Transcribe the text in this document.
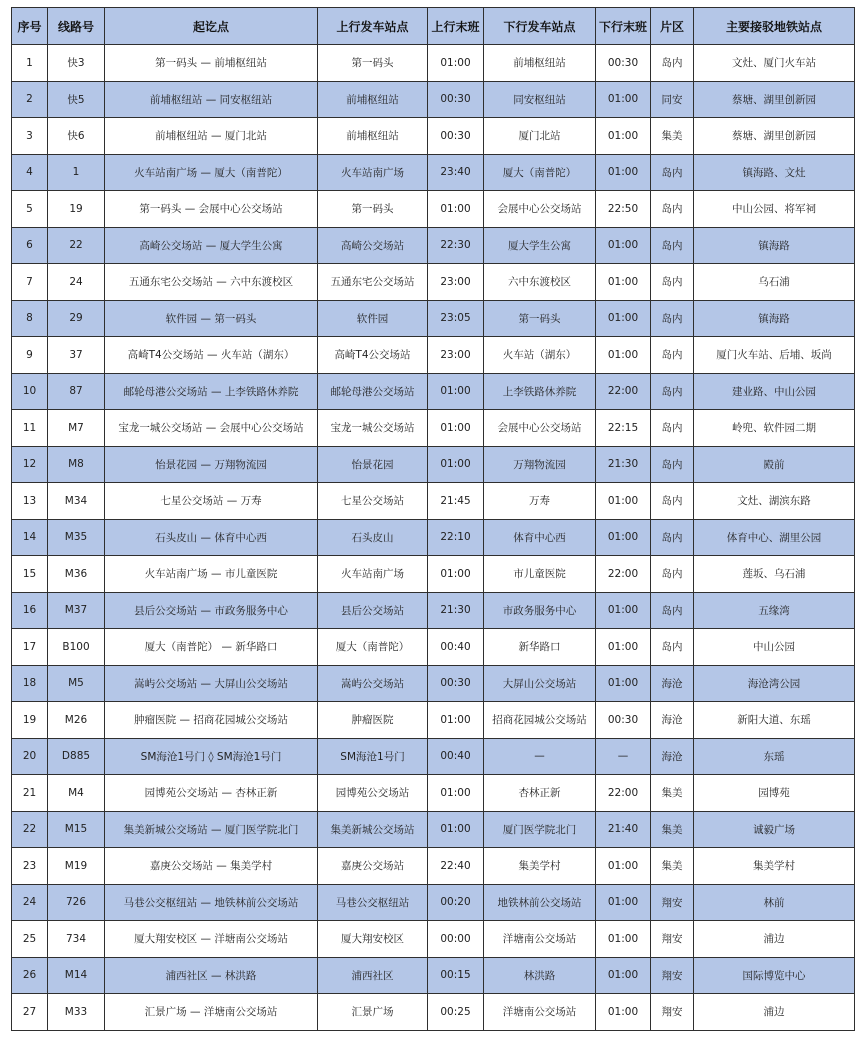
序号	线路号	起讫点	上行发车站点	上行末班	下行发车站点	下行末班	片区	主要接驳地铁站点
1	快3	第一码头 — 前埔枢纽站	第一码头	01:00	前埔枢纽站	00:30	岛内	文灶、厦门火车站
2	快5	前埔枢纽站 — 同安枢纽站	前埔枢纽站	00:30	同安枢纽站	01:00	同安	蔡塘、湖里创新园
3	快6	前埔枢纽站 — 厦门北站	前埔枢纽站	00:30	厦门北站	01:00	集美	蔡塘、湖里创新园
4	1	火车站南广场 — 厦大（南普陀）	火车站南广场	23:40	厦大（南普陀）	01:00	岛内	镇海路、文灶
5	19	第一码头 — 会展中心公交场站	第一码头	01:00	会展中心公交场站	22:50	岛内	中山公园、将军祠
6	22	高崎公交场站 — 厦大学生公寓	高崎公交场站	22:30	厦大学生公寓	01:00	岛内	镇海路
7	24	五通东宅公交场站 — 六中东渡校区	五通东宅公交场站	23:00	六中东渡校区	01:00	岛内	乌石浦
8	29	软件园 — 第一码头	软件园	23:05	第一码头	01:00	岛内	镇海路
9	37	高崎T4公交场站 — 火车站（湖东）	高崎T4公交场站	23:00	火车站（湖东）	01:00	岛内	厦门火车站、后埔、坂尚
10	87	邮轮母港公交场站 — 上李铁路休养院	邮轮母港公交场站	01:00	上李铁路休养院	22:00	岛内	建业路、中山公园
11	M7	宝龙一城公交场站 — 会展中心公交场站	宝龙一城公交场站	01:00	会展中心公交场站	22:15	岛内	岭兜、软件园二期
12	M8	怡景花园 — 万翔物流园	怡景花园	01:00	万翔物流园	21:30	岛内	殿前
13	M34	七星公交场站 — 万寿	七星公交场站	21:45	万寿	01:00	岛内	文灶、湖滨东路
14	M35	石头皮山 — 体育中心西	石头皮山	22:10	体育中心西	01:00	岛内	体育中心、湖里公园
15	M36	火车站南广场 — 市儿童医院	火车站南广场	01:00	市儿童医院	22:00	岛内	莲坂、乌石浦
16	M37	县后公交场站 — 市政务服务中心	县后公交场站	21:30	市政务服务中心	01:00	岛内	五缘湾
17	B100	厦大（南普陀） — 新华路口	厦大（南普陀）	00:40	新华路口	01:00	岛内	中山公园
18	M5	嵩屿公交场站 — 大屏山公交场站	嵩屿公交场站	00:30	大屏山公交场站	01:00	海沧	海沧湾公园
19	M26	肿瘤医院 — 招商花园城公交场站	肿瘤医院	01:00	招商花园城公交场站	00:30	海沧	新阳大道、东瑶
20	D885	SM海沧1号门 ◊ SM海沧1号门	SM海沧1号门	00:40	—	—	海沧	东瑶
21	M4	园博苑公交场站 — 杏林正新	园博苑公交场站	01:00	杏林正新	22:00	集美	园博苑
22	M15	集美新城公交场站 — 厦门医学院北门	集美新城公交场站	01:00	厦门医学院北门	21:40	集美	诚毅广场
23	M19	嘉庚公交场站 — 集美学村	嘉庚公交场站	22:40	集美学村	01:00	集美	集美学村
24	726	马巷公交枢纽站 — 地铁林前公交场站	马巷公交枢纽站	00:20	地铁林前公交场站	01:00	翔安	林前
25	734	厦大翔安校区 — 洋塘南公交场站	厦大翔安校区	00:00	洋塘南公交场站	01:00	翔安	浦边
26	M14	浦西社区 — 林洪路	浦西社区	00:15	林洪路	01:00	翔安	国际博览中心
27	M33	汇景广场 — 洋塘南公交场站	汇景广场	00:25	洋塘南公交场站	01:00	翔安	浦边
